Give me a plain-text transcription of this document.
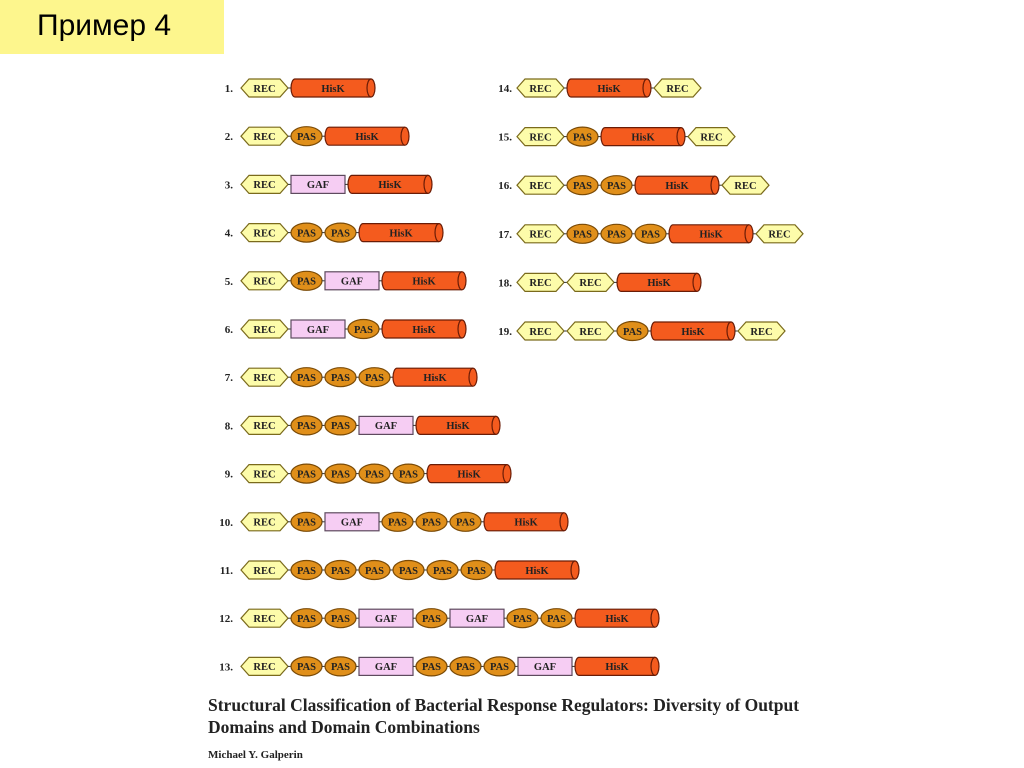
Пример 4
1. REC	HisK
2. REC PAS	HisK
3. REC	GAF	HisK
4. REC PAS PAS	HisK
5. REC PAS GAF	HisK
6. REC	GAF PAS	HisK
7. REC PAS PAS PAS	HisK
8. REC PAS PAS GAF	HisK
9. REC PAS PAS PAS PAS	HisK
10. REC PAS GAF PAS PAS PAS	HisK
11. REC PAS PAS PAS PAS PAS PAS	HisK
12. REC PAS PAS GAF PAS GAF PAS PAS	HisK
13. REC PAS PAS GAF PAS PAS PAS GAF	HisK
14. REC	HisK	REC
15. REC PAS	HisK	REC
16. REC PAS PAS	HisK	REC
17. REC PAS PAS PAS	HisK	REC
18. REC	REC	HisK
19. REC	REC PAS	HisK	REC
Structural Classification of Bacterial Response Regulators: Diversity of Output Domains and Domain Combinations
Michael Y. Galperin
